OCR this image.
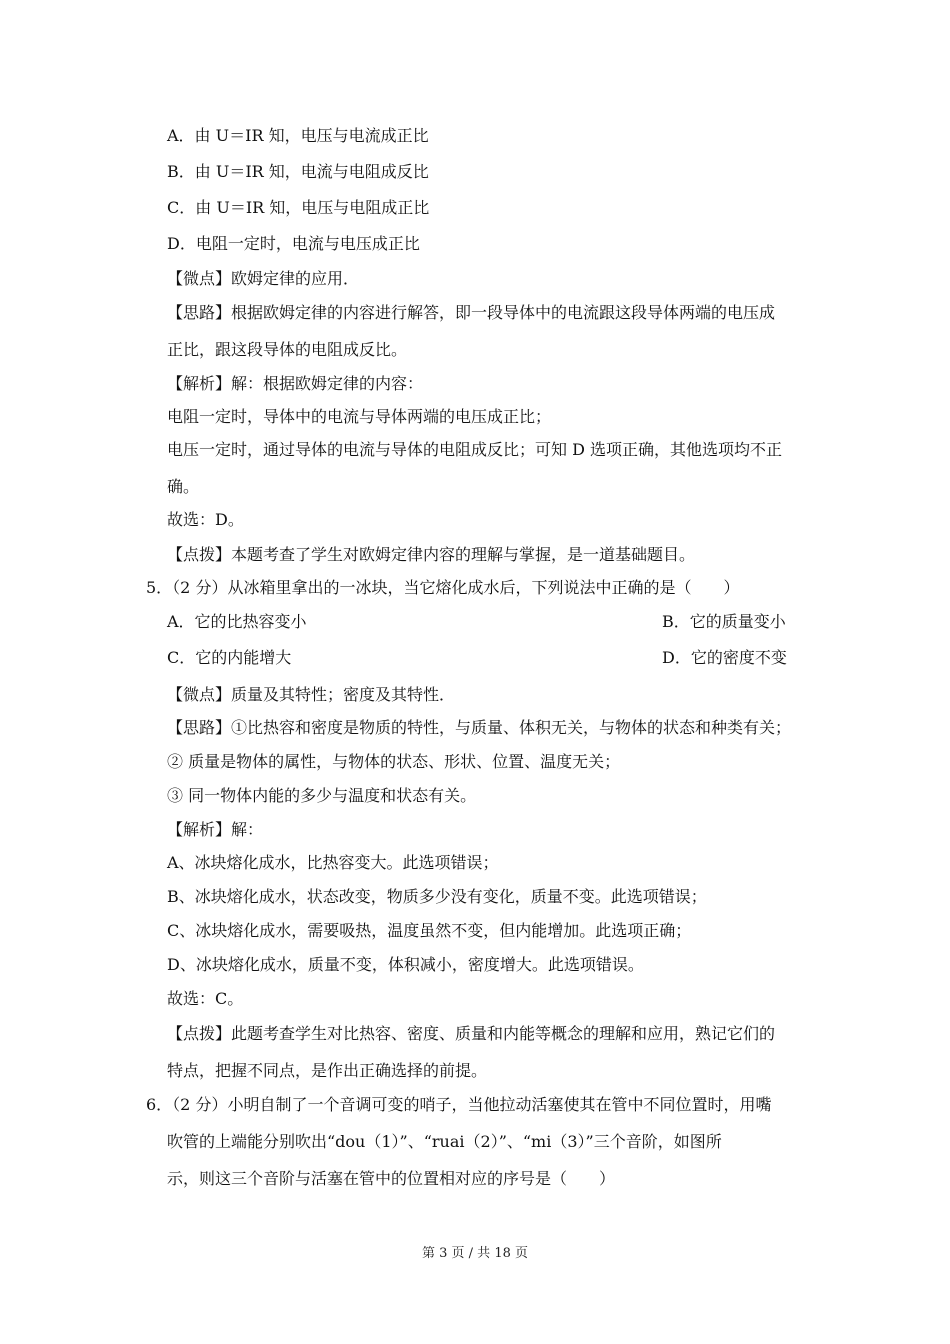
A．由 U＝IR 知，电压与电流成正比
B．由 U＝IR 知，电流与电阻成反比
C．由 U＝IR 知，电压与电阻成正比
D．电阻一定时，电流与电压成正比
【微点】欧姆定律的应用．
【思路】根据欧姆定律的内容进行解答，即一段导体中的电流跟这段导体两端的电压成
正比，跟这段导体的电阻成反比。
【解析】解：根据欧姆定律的内容：
电阻一定时，导体中的电流与导体两端的电压成正比；
电压一定时，通过导体的电流与导体的电阻成反比；可知 D 选项正确，其他选项均不正
确。
故选：D。
【点拨】本题考查了学生对欧姆定律内容的理解与掌握，是一道基础题目。
5．（2 分）从冰箱里拿出的一冰块，当它熔化成水后，下列说法中正确的是（　　）
A．它的比热容变小	B．它的质量变小
C．它的内能增大	D．它的密度不变
【微点】质量及其特性；密度及其特性．
【思路】①比热容和密度是物质的特性，与质量、体积无关，与物体的状态和种类有关；
② 质量是物体的属性，与物体的状态、形状、位置、温度无关；
③ 同一物体内能的多少与温度和状态有关。
【解析】解：
A、冰块熔化成水，比热容变大。此选项错误；
B、冰块熔化成水，状态改变，物质多少没有变化，质量不变。此选项错误；
C、冰块熔化成水，需要吸热，温度虽然不变，但内能增加。此选项正确；
D、冰块熔化成水，质量不变，体积减小，密度增大。此选项错误。
故选：C。
【点拨】此题考查学生对比热容、密度、质量和内能等概念的理解和应用，熟记它们的
特点，把握不同点，是作出正确选择的前提。
6．（2 分）小明自制了一个音调可变的哨子，当他拉动活塞使其在管中不同位置时，用嘴
吹管的上端能分别吹出“dou（1）”、“ruai（2）”、“mi（3）”三个音阶，如图所
示，则这三个音阶与活塞在管中的位置相对应的序号是（　　）
第 3 页 / 共 18 页
